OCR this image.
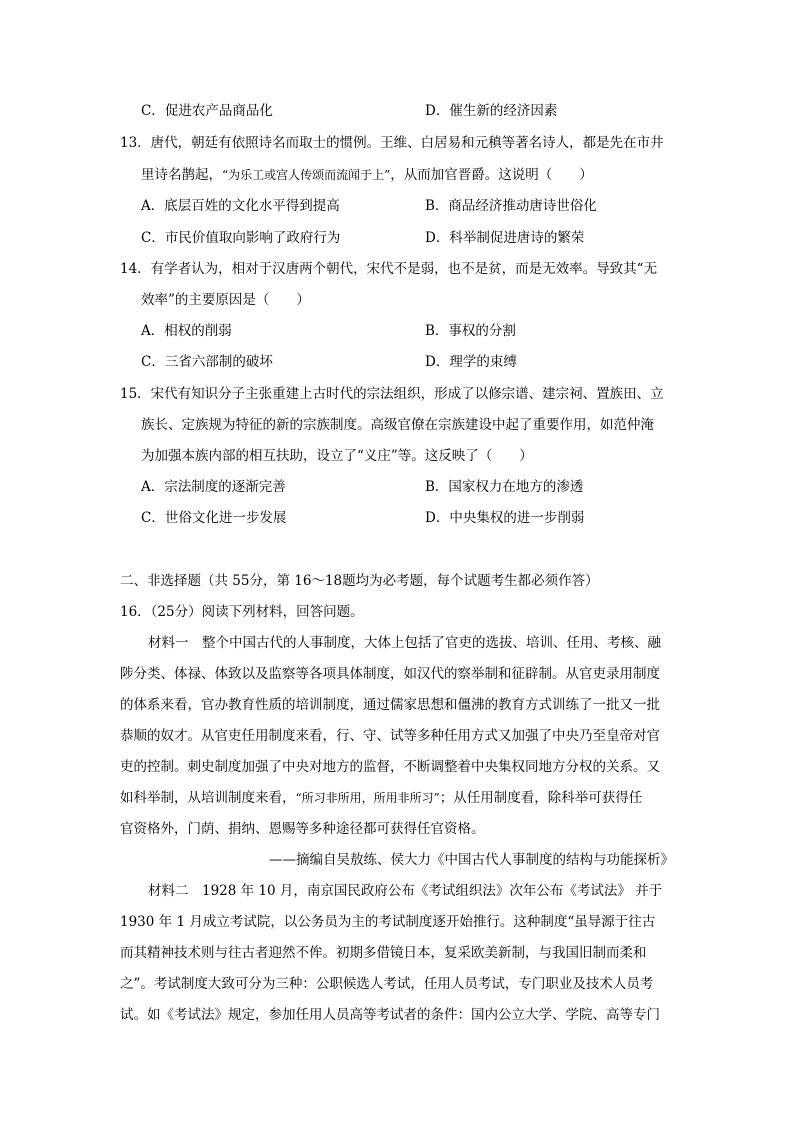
C．促进农产品商品化	D．催生新的经济因素
13．唐代，朝廷有依照诗名而取士的惯例。王维、白居易和元稹等著名诗人，都是先在市井
里诗名鹊起，“为乐工或宫人传颂而流闻于上”，从而加官晋爵。这说明（　　）
A．底层百姓的文化水平得到提高	B．商品经济推动唐诗世俗化
C．市民价值取向影响了政府行为	D．科举制促进唐诗的繁荣
14．有学者认为，相对于汉唐两个朝代，宋代不是弱，也不是贫，而是无效率。导致其“无
效率”的主要原因是（　　）
A．相权的削弱	B．事权的分割
C．三省六部制的破坏	D．理学的束缚
15．宋代有知识分子主张重建上古时代的宗法组织，形成了以修宗谱、建宗祠、置族田、立
族长、定族规为特征的新的宗族制度。高级官僚在宗族建设中起了重要作用，如范仲淹
为加强本族内部的相互扶助，设立了“义庄”等。这反映了（　　）
A．宗法制度的逐渐完善	B．国家权力在地方的渗透
C．世俗文化进一步发展	D．中央集权的进一步削弱
二、非选择题（共 55分，第 16～18题均为必考题，每个试题考生都必须作答）
16．（25分）阅读下列材料，回答问题。
材料一　整个中国古代的人事制度，大体上包括了官吏的选拔、培训、任用、考核、融
陟分类、体禄、体致以及监察等各项具体制度，如汉代的察举制和征辟制。从官吏录用制度
的体系来看，官办教育性质的培训制度，通过儒家思想和僵沸的教育方式训练了一批又一批
恭顺的奴才。从官吏任用制度来看，行、守、试等多种任用方式又加强了中央乃至皇帝对官
吏的控制。刺史制度加强了中央对地方的监督，不断调整着中央集权同地方分权的关系。又
如科举制，从培训制度来看，“所习非所用，所用非所习”；从任用制度看，除科举可获得任
官资格外，门荫、捐纳、恩赐等多种途径都可获得任官资格。
——摘编自吴敖练、侯大力《中国古代人事制度的结构与功能探析》
材料二　1928 年 10 月，南京国民政府公布《考试组织法》次年公布《考试法》 并于
1930 年 1 月成立考试院，以公务员为主的考试制度逐开始推行。这种制度“虽导源于往古
而其精神技术则与往古者迎然不侔。初期多借镜日本，复采欧美新制，与我国旧制而柔和
之”。考试制度大致可分为三种：公职候选人考试，任用人员考试，专门职业及技术人员考
试。如《考试法》规定，参加任用人员高等考试者的条件：国内公立大学、学院、高等专门
